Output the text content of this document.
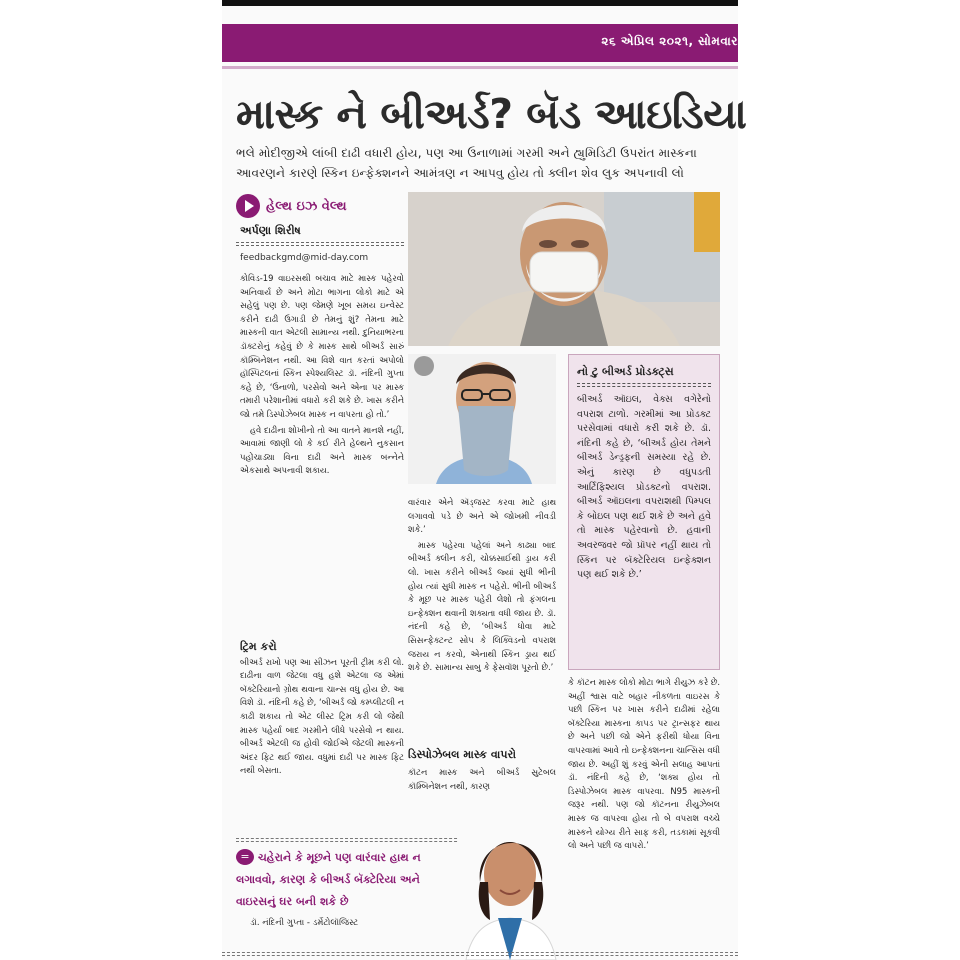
૨૬ એપ્રિલ ૨૦૨૧, સોમવાર
માસ્ક ને બીઅર્ડ? બૅડ આઇડિયા

ભલે મોદીજીએ લાંબી દાઢી વધારી હોય, પણ આ ઉનાળામાં ગરમી અને હ્યુમિડિટી ઉપરાંત માસ્કના આવરણને કારણે સ્કિન ઇન્ફેક્શનને આમંત્રણ ન આપવુ હોય તો ક્લીન શેવ લુક અપનાવી લો

હેલ્થ ઇઝ વેલ્થ
અર્પણા શિરીષ
feedbackgmd@mid-day.com

કોવિડ-19 વાઇરસથી બચાવ માટે માસ્ક પહેરવો અનિવાર્ય છે અને મોટા ભાગના લોકો માટે એ સહેલું પણ છે. પણ જેમણે ખૂબ સમય ઇન્વેસ્ટ કરીને દાઢી ઉગાડી છે તેમનું શું? તેમના માટે માસ્કની વાત એટલી સામાન્ય નથી. દુનિયાભરના ડૉક્ટરોનું કહેવું છે કે માસ્ક સાથે બીઅર્ડ સારું કૉમ્બિનેશન નથી. આ વિશે વાત કરતાં અપોલો હૉસ્પિટલનાં સ્કિન સ્પેશ્યલિસ્ટ ડૉ. નંદિની ગુપ્તા કહે છે, ‘ઉનાળો, પરસેવો અને એના પર માસ્ક તમારી પરેશાનીમાં વધારો કરી શકે છે. ખાસ કરીને જો તમે ડિસ્પોઝેબલ માસ્ક ન વાપરતા હો તો.’

હવે દાઢીના શોખીનો તો આ વાતને માનશે નહીં, આવામાં જાણી લો કે કઈ રીતે હેલ્થને નુકસાન પહોંચાડ્યા વિના દાઢી અને માસ્ક બન્નેને એકસાથે અપનાવી શકાય.

ટ્રિમ કરો

બીઅર્ડ રાખો પણ આ સીઝન પૂરતી ટ્રીમ કરી લો. દાઢીના વાળ જેટલા વધુ હશે એટલા જ એમાં બૅક્ટેરિયાનો ગ્રોથ થવાના ચાન્સ વધુ હોય છે. આ વિશે ડૉ. નંદિની કહે છે, ‘બીઅર્ડ જો કમ્પ્લીટલી ન કાઢી શકાય તો એટ લીસ્ટ ટ્રિમ કરી લો જેથી માસ્ક પહેર્યા બાદ ગરમીને લીધે પરસેવો ન થાય. બીઅર્ડ એટલી જ હોવી જોઈએ જેટલી માસ્કની અંદર ફિટ થઈ જાય. વધુમાં દાઢી પર માસ્ક ફિટ નથી બેસતા.

વારંવાર એને ઍડ્જસ્ટ કરવા માટે હાથ લગાવવો પડે છે અને એ જોખમી નીવડી શકે.’

માસ્ક પહેરવા પહેલાં અને કાઢ્યા બાદ બીઅર્ડ ક્લીન કરી, ચોક્કસાઈથી ડ્રાય કરી લો. ખાસ કરીને બીઅર્ડ જ્યાં સુધી ભીની હોય ત્યાં સુધી માસ્ક ન પહેરો. ભીની બીઅર્ડ કે મૂછ પર માસ્ક પહેરી લેશો તો ફંગલના ઇન્ફેક્શન થવાની શક્યતા વધી જાય છે. ડૉ. નંદની કહે છે, ‘બીઅર્ડ ધોવા માટે સિસન્ફેક્ટન્ટ સોપ કે લિક્વિડનો વપરાશ જરાય ન કરવો, એનાથી સ્કિન ડ્રાય થઈ શકે છે. સામાન્ય સાબુ કે ફેસવૉશ પૂરતો છે.’

ડિસ્પોઝેબલ માસ્ક વાપરો

કૉટન માસ્ક અને બીઅર્ડ સુટેબલ કૉમ્બિનેશન નથી, કારણ

નો ટુ બીઅર્ડ પ્રોડક્ટ્સ
બીઅર્ડ ઑઇલ, વેક્સ વગેરેનો વપરાશ ટાળો. ગરમીમાં આ પ્રોડક્ટ પરસેવામાં વધારો કરી શકે છે. ડૉ. નંદિની કહે છે, ‘બીઅર્ડ હોય તેમને બીઅર્ડ ડેન્ડ્રફની સમસ્યા રહે છે. એનું કારણ છે વધુપડતી આર્ટિફિશ્યલ પ્રોડક્ટનો વપરાશ. બીઅર્ડ ઑઇલના વપરાશથી પિમ્પલ કે બોઇલ પણ થઈ શકે છે અને હવે તો માસ્ક પહેરવાનો છે. હવાની અવરજવર જો પ્રૉપર નહીં થાય તો સ્કિન પર બૅક્ટેરિયલ ઇન્ફેક્શન પણ થઈ શકે છે.’

કે કૉટન માસ્ક લોકો મોટા ભાગે રીયુઝ કરે છે. અહીં શ્વાસ વાટે બહાર નીકળતા વાઇરસ કે પછી સ્કિન પર ખાસ કરીને દાઢીમાં રહેલા બૅક્ટેરિયા માસ્કના કાપડ પર ટ્રાન્સફર થાય છે અને પછી જો એને ફરીથી ધોયા વિના વાપરવામાં આવે તો ઇન્ફેક્શનના ચાન્સિસ વધી જાય છે. અહીં શું કરવું એની સલાહ આપતાં ડૉ. નંદિની કહે છે, ‘શક્ય હોય તો ડિસ્પોઝેબલ માસ્ક વાપરવા. N95 માસ્કની જરૂર નથી. પણ જો કૉટનના રીયુઝેબલ માસ્ક જ વાપરવા હોય તો બે વપરાશ વચ્ચે માસ્કને યોગ્ય રીતે સાફ કરી, તડકામાં સૂકવી લો અને પછી જ વાપરો.’

= ચહેરાને કે મૂછને પણ વારંવાર હાથ ન લગાવવો, કારણ કે બીઅર્ડ બૅક્ટેરિયા અને વાઇરસનું ઘર બની શકે છે
ડૉ. નંદિની ગુપ્તા - ડર્મેટોલૉજિસ્ટ
